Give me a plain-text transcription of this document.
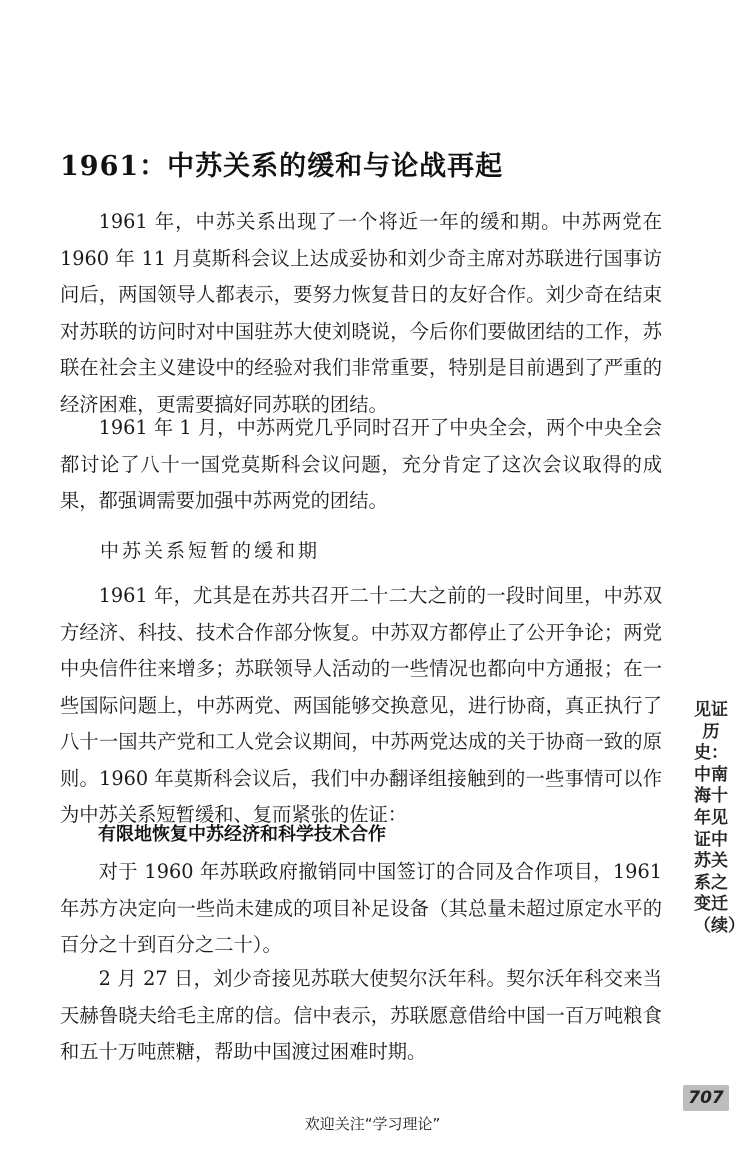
1961：中苏关系的缓和与论战再起

1961 年，中苏关系出现了一个将近一年的缓和期。中苏两党在 1960 年 11 月莫斯科会议上达成妥协和刘少奇主席对苏联进行国事访问后，两国领导人都表示，要努力恢复昔日的友好合作。刘少奇在结束对苏联的访问时对中国驻苏大使刘晓说，今后你们要做团结的工作，苏联在社会主义建设中的经验对我们非常重要，特别是目前遇到了严重的经济困难，更需要搞好同苏联的团结。

1961 年 1 月，中苏两党几乎同时召开了中央全会，两个中央全会都讨论了八十一国党莫斯科会议问题，充分肯定了这次会议取得的成果，都强调需要加强中苏两党的团结。

中苏关系短暂的缓和期

1961 年，尤其是在苏共召开二十二大之前的一段时间里，中苏双方经济、科技、技术合作部分恢复。中苏双方都停止了公开争论；两党中央信件往来增多；苏联领导人活动的一些情况也都向中方通报；在一些国际问题上，中苏两党、两国能够交换意见，进行协商，真正执行了八十一国共产党和工人党会议期间，中苏两党达成的关于协商一致的原则。1960 年莫斯科会议后，我们中办翻译组接触到的一些事情可以作为中苏关系短暂缓和、复而紧张的佐证：

有限地恢复中苏经济和科学技术合作

对于 1960 年苏联政府撤销同中国签订的合同及合作项目，1961 年苏方决定向一些尚未建成的项目补足设备（其总量未超过原定水平的百分之十到百分之二十）。

2 月 27 日，刘少奇接见苏联大使契尔沃年科。契尔沃年科交来当天赫鲁晓夫给毛主席的信。信中表示，苏联愿意借给中国一百万吨粮食和五十万吨蔗糖，帮助中国渡过困难时期。

见证历史：中南海十年见证中苏关系之变迁（续）
707
欢迎关注“学习理论”
